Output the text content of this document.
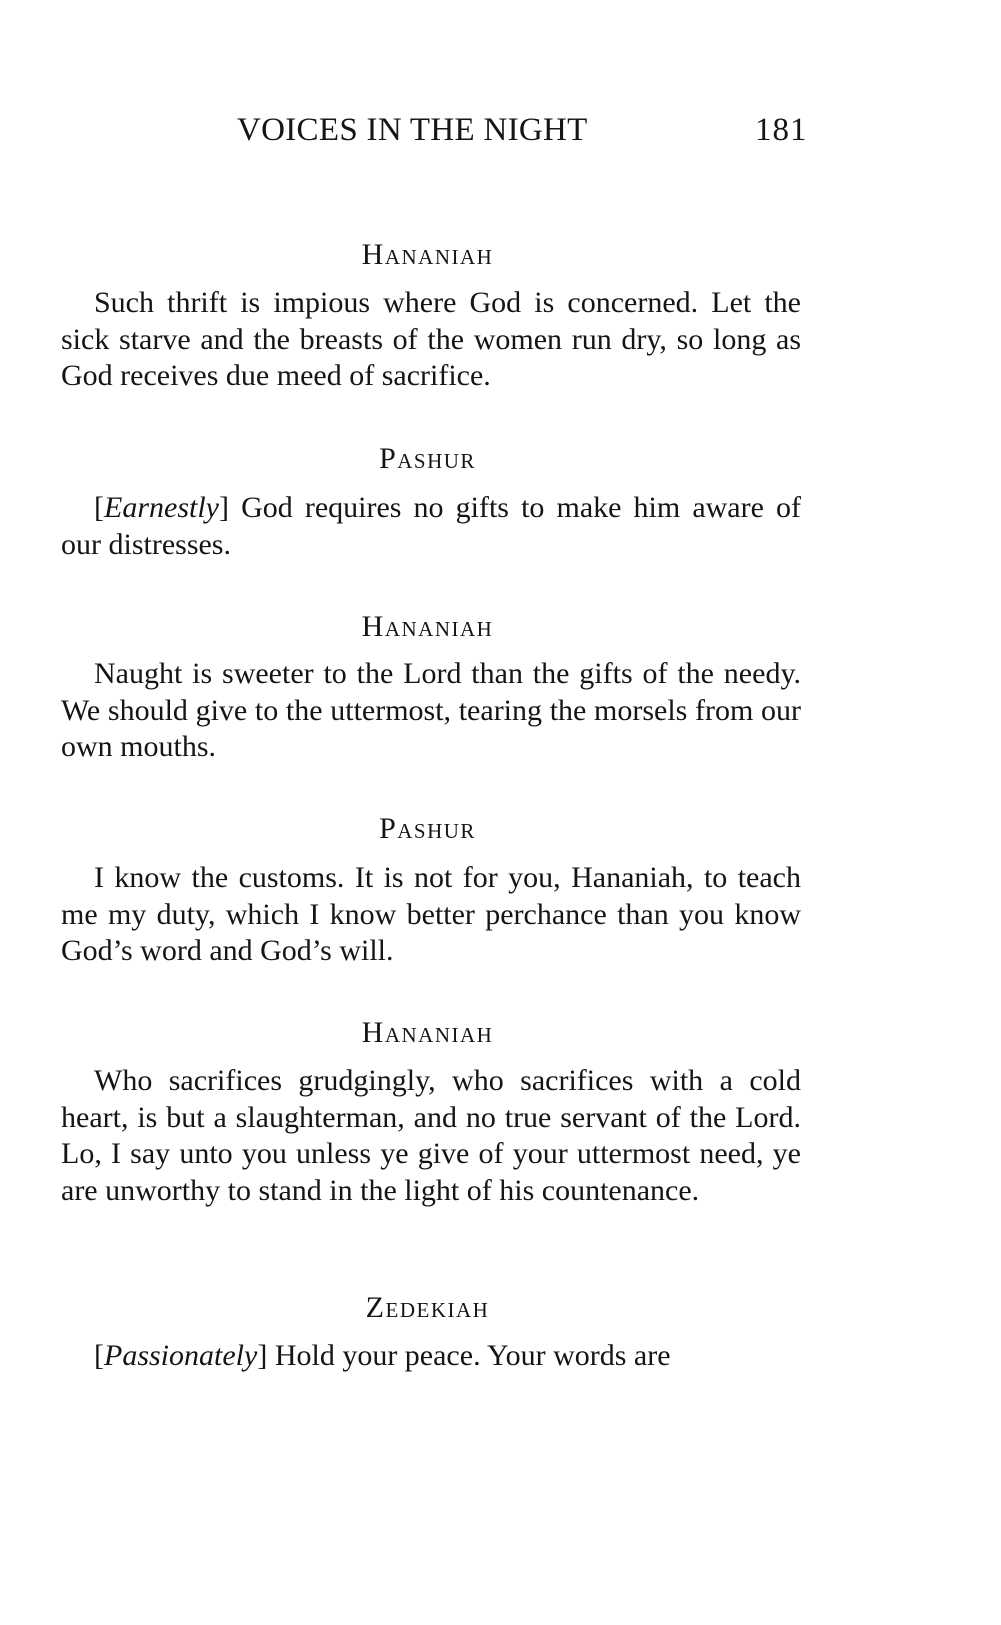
VOICES IN THE NIGHT	181
Hananiah

Such thrift is impious where God is concerned. Let the sick starve and the breasts of the women run dry, so long as God receives due meed of sacrifice.

Pashur

[Earnestly] God requires no gifts to make him aware of our distresses.

Hananiah

Naught is sweeter to the Lord than the gifts of the needy. We should give to the uttermost, tearing the morsels from our own mouths.

Pashur

I know the customs. It is not for you, Hananiah, to teach me my duty, which I know better perchance than you know God’s word and God’s will.

Hananiah

Who sacrifices grudgingly, who sacrifices with a cold heart, is but a slaughterman, and no true servant of the Lord. Lo, I say unto you unless ye give of your uttermost need, ye are unworthy to stand in the light of his countenance.

Zedekiah

[Passionately] Hold your peace. Your words are
